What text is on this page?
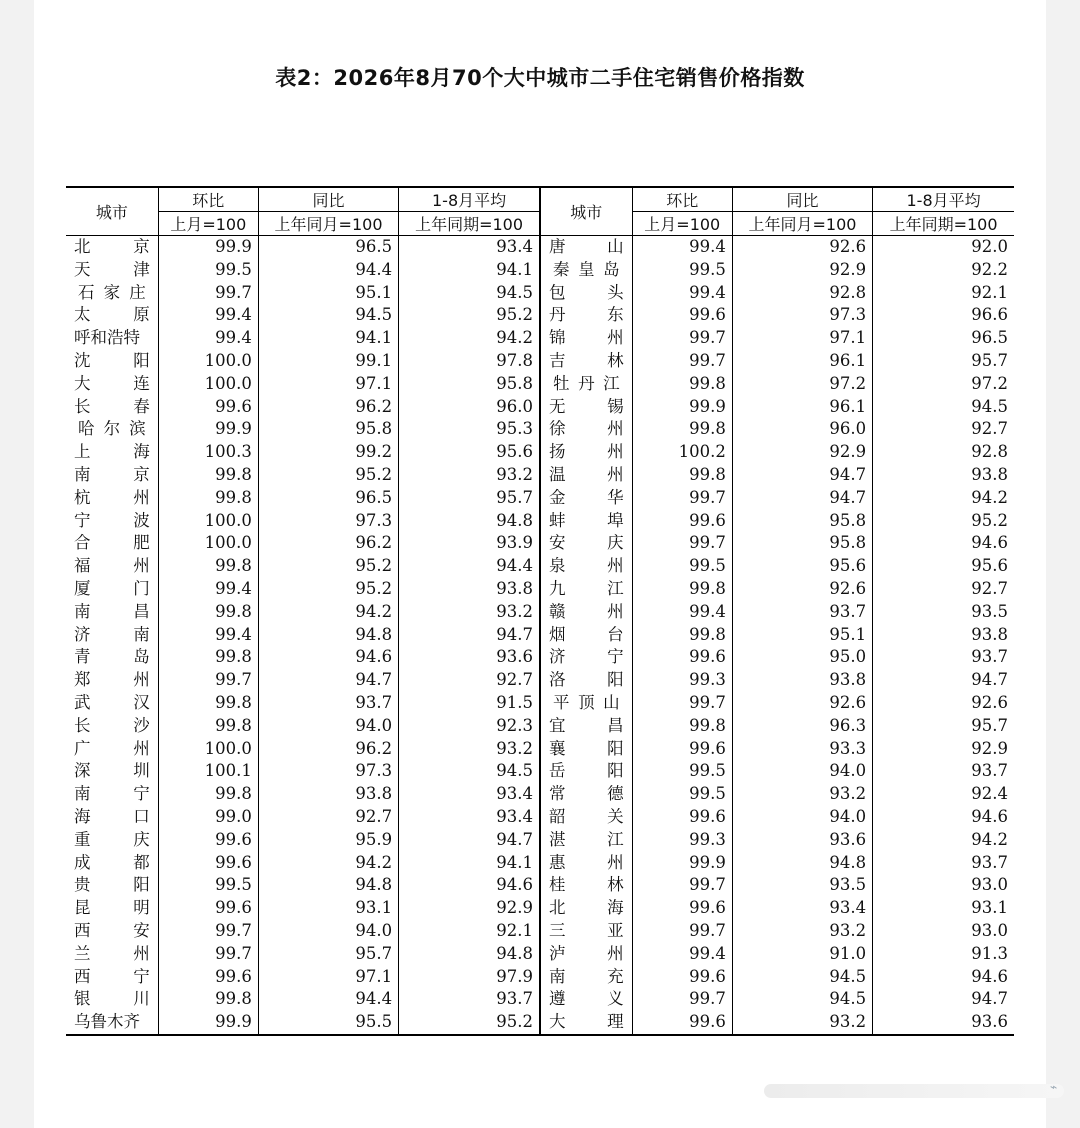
表2：2026年8月70个大中城市二手住宅销售价格指数
城市	环比	同比	1-8月平均	城市	环比	同比	1-8月平均
	上月=100	上年同月=100	上年同期=100		上月=100	上年同月=100	上年同期=100
北京	99.9	96.5	93.4	唐山	99.4	92.6	92.0
天津	99.5	94.4	94.1	秦皇岛	99.5	92.9	92.2
石家庄	99.7	95.1	94.5	包头	99.4	92.8	92.1
太原	99.4	94.5	95.2	丹东	99.6	97.3	96.6
呼和浩特	99.4	94.1	94.2	锦州	99.7	97.1	96.5
沈阳	100.0	99.1	97.8	吉林	99.7	96.1	95.7
大连	100.0	97.1	95.8	牡丹江	99.8	97.2	97.2
长春	99.6	96.2	96.0	无锡	99.9	96.1	94.5
哈尔滨	99.9	95.8	95.3	徐州	99.8	96.0	92.7
上海	100.3	99.2	95.6	扬州	100.2	92.9	92.8
南京	99.8	95.2	93.2	温州	99.8	94.7	93.8
杭州	99.8	96.5	95.7	金华	99.7	94.7	94.2
宁波	100.0	97.3	94.8	蚌埠	99.6	95.8	95.2
合肥	100.0	96.2	93.9	安庆	99.7	95.8	94.6
福州	99.8	95.2	94.4	泉州	99.5	95.6	95.6
厦门	99.4	95.2	93.8	九江	99.8	92.6	92.7
南昌	99.8	94.2	93.2	赣州	99.4	93.7	93.5
济南	99.4	94.8	94.7	烟台	99.8	95.1	93.8
青岛	99.8	94.6	93.6	济宁	99.6	95.0	93.7
郑州	99.7	94.7	92.7	洛阳	99.3	93.8	94.7
武汉	99.8	93.7	91.5	平顶山	99.7	92.6	92.6
长沙	99.8	94.0	92.3	宜昌	99.8	96.3	95.7
广州	100.0	96.2	93.2	襄阳	99.6	93.3	92.9
深圳	100.1	97.3	94.5	岳阳	99.5	94.0	93.7
南宁	99.8	93.8	93.4	常德	99.5	93.2	92.4
海口	99.0	92.7	93.4	韶关	99.6	94.0	94.6
重庆	99.6	95.9	94.7	湛江	99.3	93.6	94.2
成都	99.6	94.2	94.1	惠州	99.9	94.8	93.7
贵阳	99.5	94.8	94.6	桂林	99.7	93.5	93.0
昆明	99.6	93.1	92.9	北海	99.6	93.4	93.1
西安	99.7	94.0	92.1	三亚	99.7	93.2	93.0
兰州	99.7	95.7	94.8	泸州	99.4	91.0	91.3
西宁	99.6	97.1	97.9	南充	99.6	94.5	94.6
银川	99.8	94.4	93.7	遵义	99.7	94.5	94.7
乌鲁木齐	99.9	95.5	95.2	大理	99.6	93.2	93.6
⌁
